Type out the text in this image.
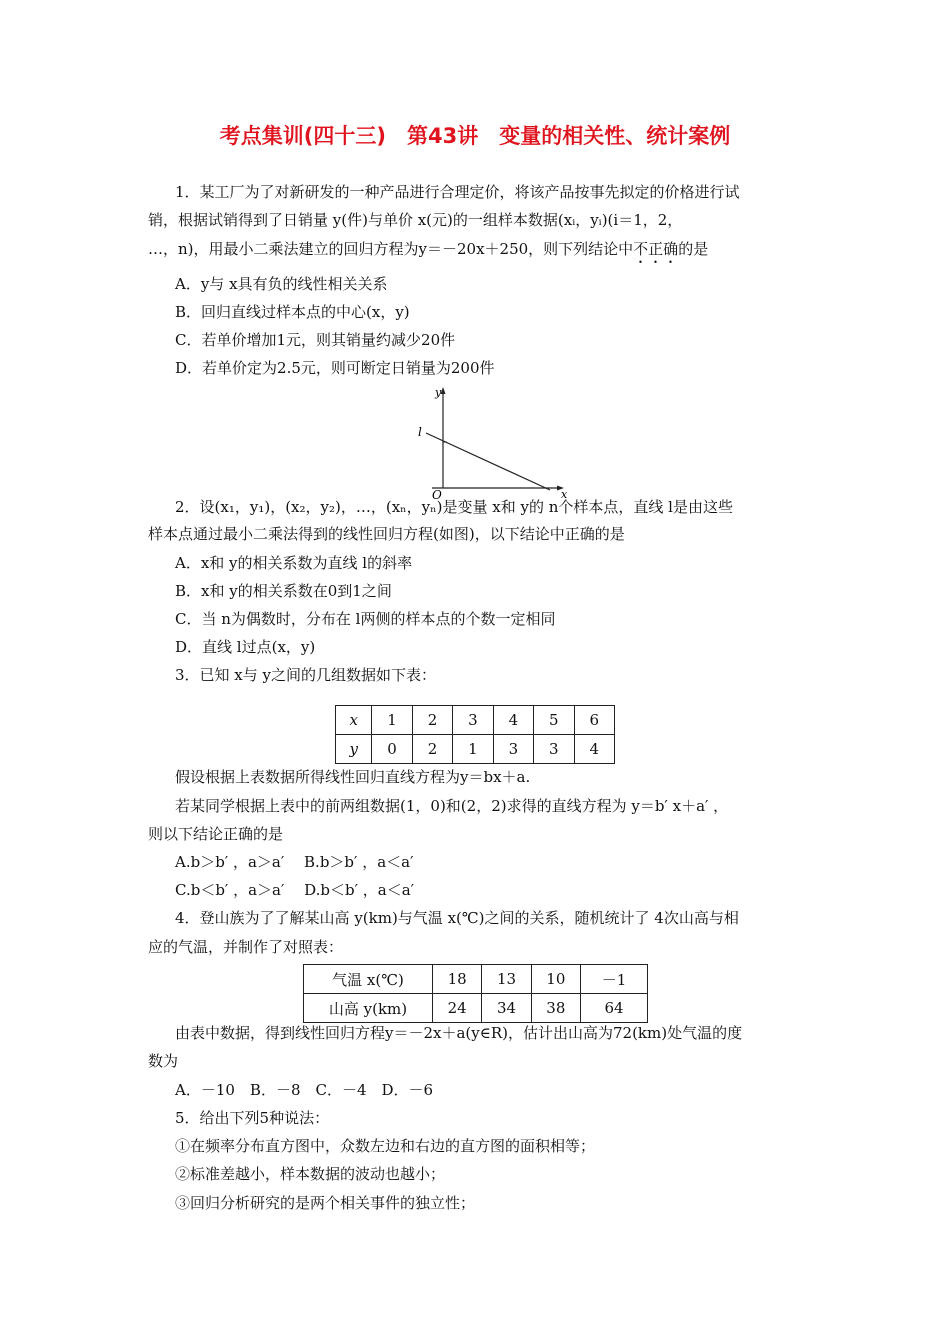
考点集训(四十三)　第43讲　变量的相关性、统计案例
1．某工厂为了对新研发的一种产品进行合理定价，将该产品按事先拟定的价格进行试
销，根据试销得到了日销量 y(件)与单价 x(元)的一组样本数据(xᵢ，yᵢ)(i＝1，2，
…，n)，用最小二乘法建立的回归方程为y＝－20x＋250，则下列结论中不正确的是
A．y与 x具有负的线性相关关系
B．回归直线过样本点的中心(x，y)
C．若单价增加1元，则其销量约减少20件
D．若单价定为2.5元，则可断定日销量为200件
y
x
O
l
2．设(x₁，y₁)，(x₂，y₂)，…，(xₙ，yₙ)是变量 x和 y的 n个样本点，直线 l是由这些
样本点通过最小二乘法得到的线性回归方程(如图)，以下结论中正确的是
A．x和 y的相关系数为直线 l的斜率
B．x和 y的相关系数在0到1之间
C．当 n为偶数时，分布在 l两侧的样本点的个数一定相同
D．直线 l过点(x，y)
3．已知 x与 y之间的几组数据如下表：
x	1	2	3	4	5	6
y	0	2	1	3	3	4
假设根据上表数据所得线性回归直线方程为y＝bx＋a.
若某同学根据上表中的前两组数据(1，0)和(2，2)求得的直线方程为 y＝b′ x＋a′ ，
则以下结论正确的是
A.b＞b′ ，a＞a′　 B.b＞b′ ，a＜a′
C.b＜b′ ，a＞a′　 D.b＜b′ ，a＜a′
4．登山族为了了解某山高 y(km)与气温 x(℃)之间的关系，随机统计了 4次山高与相
应的气温，并制作了对照表：
气温 x(℃)	18	13	10	－1
山高 y(km)	24	34	38	64
由表中数据，得到线性回归方程y＝－2x＋a(y∈R)，估计出山高为72(km)处气温的度
数为
A．－10　B．－8　C．－4　D．－6
5．给出下列5种说法：
①在频率分布直方图中，众数左边和右边的直方图的面积相等；
②标准差越小，样本数据的波动也越小；
③回归分析研究的是两个相关事件的独立性；
